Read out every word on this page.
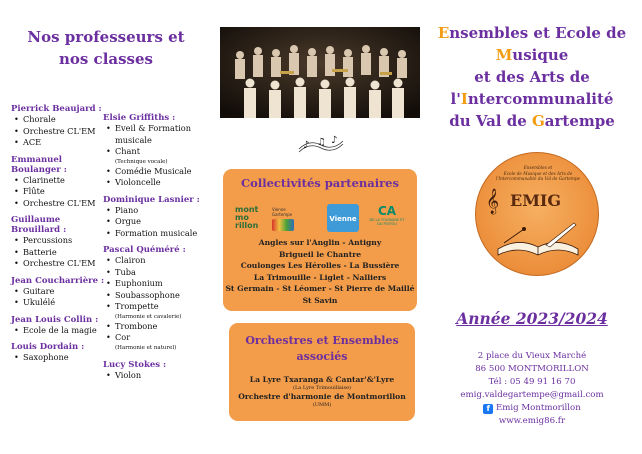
Nos professeurs et
nos classes
Pierrick Beaujard :
• Chorale
• Orchestre CL'EM
• ACE
Emmanuel Boulanger :
• Clarinette
• Flûte
• Orchestre CL'EM
Guillaume Brouillard :
• Percussions
• Batterie
• Orchestre CL'EM
Jean Coucharrière :
• Guitare
• Ukulélé
Jean Louis Collin :
• Ecole de la magie
Louis Dordain :
• Saxophone
Elsie Griffiths :
• Eveil & Formation musicale
• Chant
(Technique vocale)
• Comédie Musicale
• Violoncelle
Dominique Lasnier :
• Piano
• Orgue
• Formation musicale
Pascal Quéméré :
• Clairon
• Tuba
• Euphonium
• Soubassophone
• Trompette
(Harmonie et cavalerie)
• Trombone
• Cor
(Harmonie et naturel)
Lucy Stokes :
• Violon
♪ ♫ ♪
Collectivités partenaires
mont mo rillon
Vienne Gartempe
Vienne
CA
DE LA TOURAINE ET DU POITOU
Angles sur l'Anglin - Antigny
Brigueil le Chantre
Coulonges Les Hérolles - La Bussière
La Trimouille - Liglet - Nalliers
St Germain - St Léomer - St Pierre de Maillé
St Savin
Orchestres et Ensembles
associés
La Lyre Txaranga & Cantar'&'Lyre
(La Lyre Trimouillaise)
Orchestre d'harmonie de Montmorillon
(UMM)
Ensembles et Ecole de
Musique
et des Arts de
l'Intercommunalité
du Val de Gartempe
Ensembles et
Ecole de Musique et des Arts de
l'Intercommunalité du Val de Gartempe
EMIG
𝄞
Année 2023/2024
2 place du Vieux Marché
86 500 MONTMORILLON
Tél : 05 49 91 16 70
emig.valdegartempe@gmail.com
f Emig Montmorillon
www.emig86.fr
